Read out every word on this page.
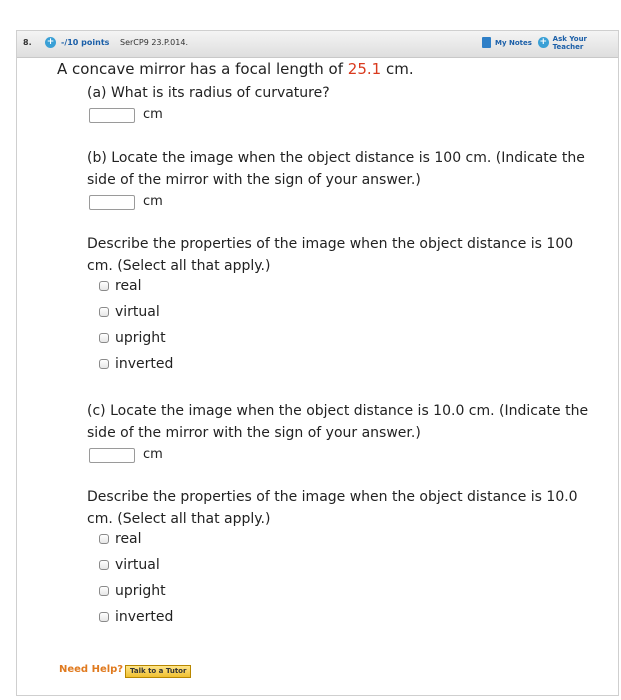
8. + -/10 points SerCP9 23.P.014.	My Notes + Ask Your Teacher
A concave mirror has a focal length of 25.1 cm.
(a) What is its radius of curvature?
cm
(b) Locate the image when the object distance is 100 cm. (Indicate the
side of the mirror with the sign of your answer.)
cm
Describe the properties of the image when the object distance is 100
cm. (Select all that apply.)
real
virtual
upright
inverted
(c) Locate the image when the object distance is 10.0 cm. (Indicate the
side of the mirror with the sign of your answer.)
cm
Describe the properties of the image when the object distance is 10.0
cm. (Select all that apply.)
real
virtual
upright
inverted
Need Help? Talk to a Tutor
